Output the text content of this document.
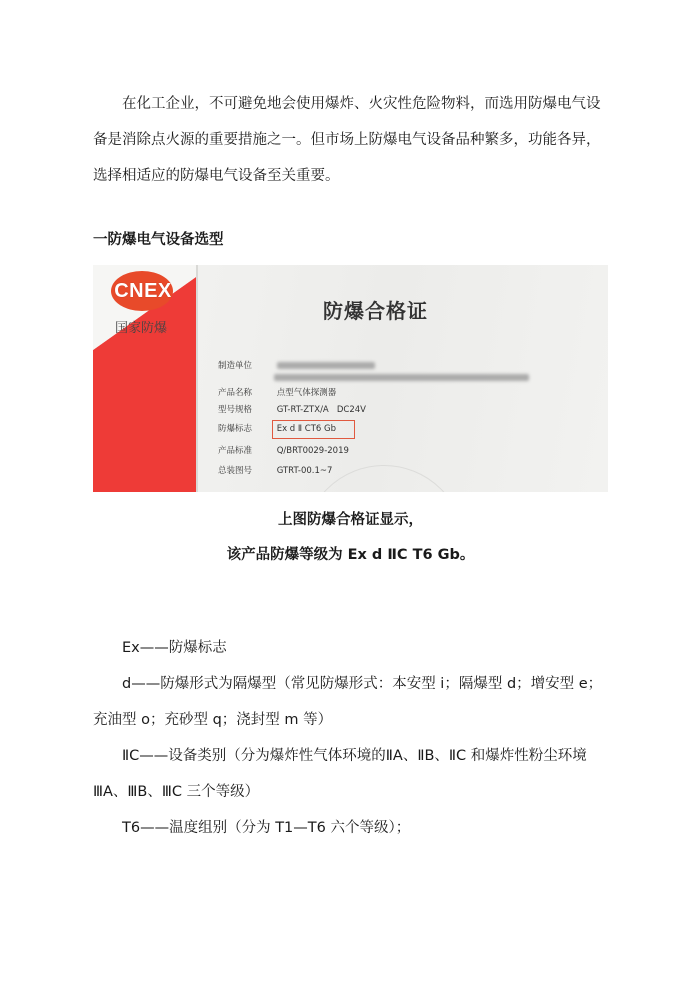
在化工企业，不可避免地会使用爆炸、火灾性危险物料，而选用防爆电气设备是消除点火源的重要措施之一。但市场上防爆电气设备品种繁多，功能各异，选择相适应的防爆电气设备至关重要。

一防爆电气设备选型

CNEX
国家防爆
防爆合格证
制造单位
产品名称	点型气体探测器
型号规格	GT-RT-ZTX/A   DC24V
防爆标志	Ex d Ⅱ CT6 Gb
产品标准	Q/BRT0029-2019
总装图号	GTRT-00.1~7

上图防爆合格证显示，

该产品防爆等级为 Ex d ⅡC T6 Gb。

Ex——防爆标志

d——防爆形式为隔爆型（常见防爆形式：本安型 i；隔爆型 d；增安型 e；充油型 o；充砂型 q；浇封型 m 等）

ⅡC——设备类别（分为爆炸性气体环境的ⅡA、ⅡB、ⅡC 和爆炸性粉尘环境ⅢA、ⅢB、ⅢC 三个等级）

T6——温度组别（分为 T1—T6 六个等级）；
